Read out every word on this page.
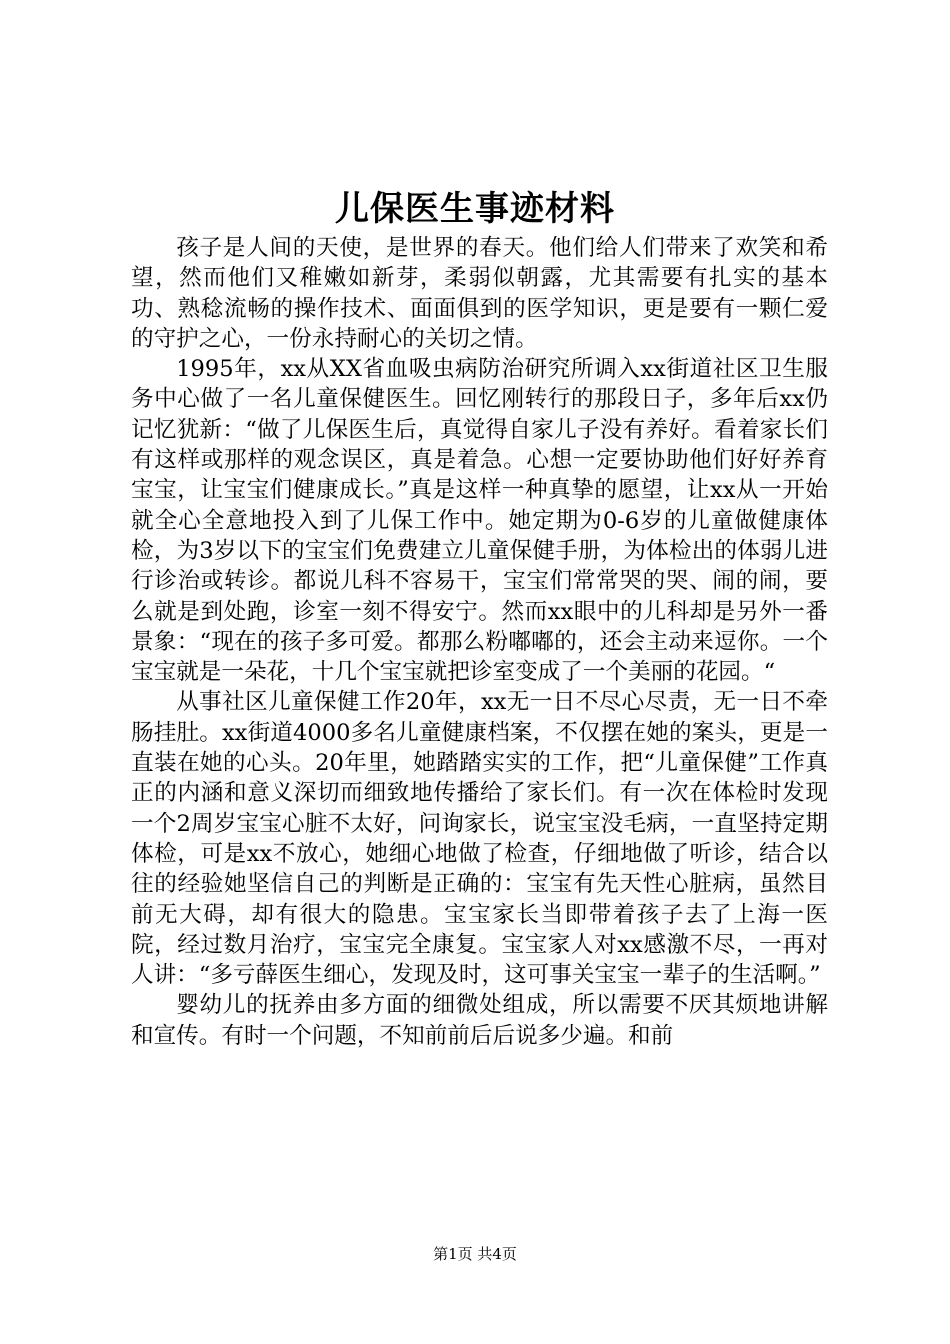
儿保医生事迹材料

孩子是人间的天使，是世界的春天。他们给人们带来了欢笑和希望，然而他们又稚嫩如新芽，柔弱似朝露，尤其需要有扎实的基本功、熟稔流畅的操作技术、面面俱到的医学知识，更是要有一颗仁爱的守护之心，一份永持耐心的关切之情。

1995年，xx从XX省血吸虫病防治研究所调入xx街道社区卫生服务中心做了一名儿童保健医生。回忆刚转行的那段日子，多年后xx仍记忆犹新：“做了儿保医生后，真觉得自家儿子没有养好。看着家长们有这样或那样的观念误区，真是着急。心想一定要协助他们好好养育宝宝，让宝宝们健康成长。”真是这样一种真挚的愿望，让xx从一开始就全心全意地投入到了儿保工作中。她定期为0-6岁的儿童做健康体检，为3岁以下的宝宝们免费建立儿童保健手册，为体检出的体弱儿进行诊治或转诊。都说儿科不容易干，宝宝们常常哭的哭、闹的闹，要么就是到处跑，诊室一刻不得安宁。然而xx眼中的儿科却是另外一番景象：“现在的孩子多可爱。都那么粉嘟嘟的，还会主动来逗你。一个宝宝就是一朵花，十几个宝宝就把诊室变成了一个美丽的花园。“

从事社区儿童保健工作20年，xx无一日不尽心尽责，无一日不牵肠挂肚。xx街道4000多名儿童健康档案，不仅摆在她的案头，更是一直装在她的心头。20年里，她踏踏实实的工作，把“儿童保健”工作真正的内涵和意义深切而细致地传播给了家长们。有一次在体检时发现一个2周岁宝宝心脏不太好，问询家长，说宝宝没毛病，一直坚持定期体检，可是xx不放心，她细心地做了检查，仔细地做了听诊，结合以往的经验她坚信自己的判断是正确的：宝宝有先天性心脏病，虽然目前无大碍，却有很大的隐患。宝宝家长当即带着孩子去了上海一医院，经过数月治疗，宝宝完全康复。宝宝家人对xx感激不尽，一再对人讲：“多亏薛医生细心，发现及时，这可事关宝宝一辈子的生活啊。”

婴幼儿的抚养由多方面的细微处组成，所以需要不厌其烦地讲解和宣传。有时一个问题，不知前前后后说多少遍。和前

第1页 共4页
